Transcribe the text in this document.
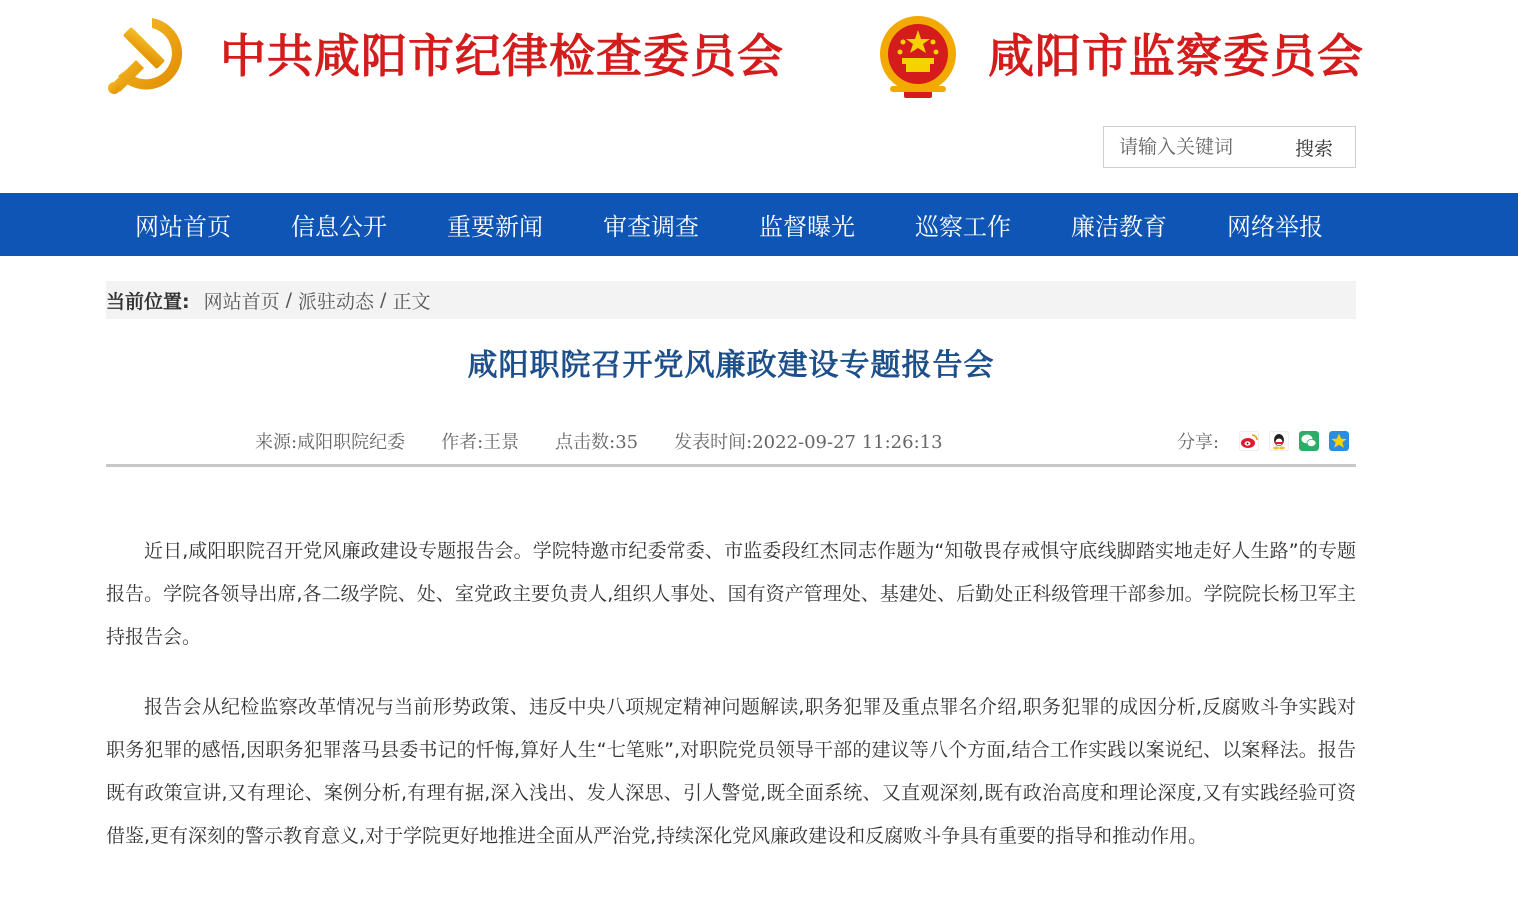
中共咸阳市纪律检查委员会	咸阳市监察委员会
请输入关键词
搜索
网站首页	信息公开	重要新闻	审查调查	监督曝光	巡察工作	廉洁教育	网络举报
当前位置: 网站首页 / 派驻动态 / 正文
咸阳职院召开党风廉政建设专题报告会
来源:咸阳职院纪委 作者:王景 点击数:35 发表时间:2022-09-27 11:26:13	分享:

近日,咸阳职院召开党风廉政建设专题报告会。学院特邀市纪委常委、市监委段红杰同志作题为“知敬畏存戒惧守底线脚踏实地走好人生路”的专题报告。学院各领导出席,各二级学院、处、室党政主要负责人,组织人事处、国有资产管理处、基建处、后勤处正科级管理干部参加。学院院长杨卫军主持报告会。

报告会从纪检监察改革情况与当前形势政策、违反中央八项规定精神问题解读,职务犯罪及重点罪名介绍,职务犯罪的成因分析,反腐败斗争实践对职务犯罪的感悟,因职务犯罪落马县委书记的忏悔,算好人生“七笔账”,对职院党员领导干部的建议等八个方面,结合工作实践以案说纪、以案释法。报告既有政策宣讲,又有理论、案例分析,有理有据,深入浅出、发人深思、引人警觉,既全面系统、又直观深刻,既有政治高度和理论深度,又有实践经验可资借鉴,更有深刻的警示教育意义,对于学院更好地推进全面从严治党,持续深化党风廉政建设和反腐败斗争具有重要的指导和推动作用。
